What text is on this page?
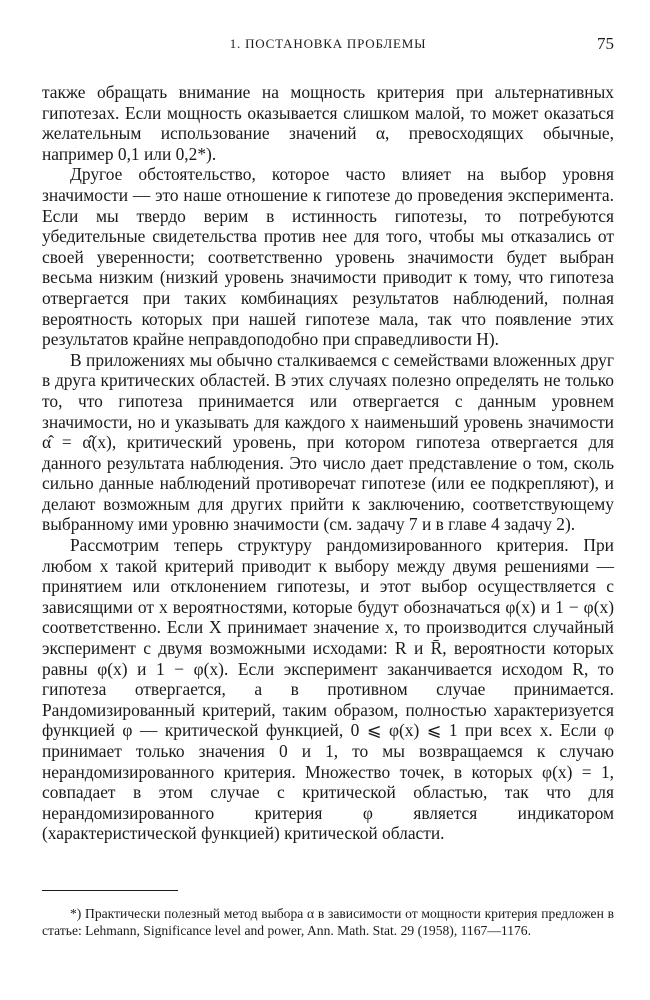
1. ПОСТАНОВКА ПРОБЛЕМЫ	75

также обращать внимание на мощность критерия при альтернативных гипотезах. Если мощность оказывается слишком малой, то может оказаться желательным использование значений α, превосходящих обычные, например 0,1 или 0,2*).

Другое обстоятельство, которое часто влияет на выбор уровня значимости — это наше отношение к гипотезе до проведения эксперимента. Если мы твердо верим в истинность гипотезы, то потребуются убедительные свидетельства против нее для того, чтобы мы отказались от своей уверенности; соответственно уровень значимости будет выбран весьма низким (низкий уровень значимости приводит к тому, что гипотеза отвергается при таких комбинациях результатов наблюдений, полная вероятность которых при нашей гипотезе мала, так что появление этих результатов крайне неправдоподобно при справедливости H).

В приложениях мы обычно сталкиваемся с семействами вложенных друг в друга критических областей. В этих случаях полезно определять не только то, что гипотеза принимается или отвергается с данным уровнем значимости, но и указывать для каждого x наименьший уровень значимости α̂ = α̂(x), критический уровень, при котором гипотеза отвергается для данного результата наблюдения. Это число дает представление о том, сколь сильно данные наблюдений противоречат гипотезе (или ее подкрепляют), и делают возможным для других прийти к заключению, соответствующему выбранному ими уровню значимости (см. задачу 7 и в главе 4 задачу 2).

Рассмотрим теперь структуру рандомизированного критерия. При любом x такой критерий приводит к выбору между двумя решениями — принятием или отклонением гипотезы, и этот выбор осуществляется с зависящими от x вероятностями, которые будут обозначаться φ(x) и 1 − φ(x) соответственно. Если X принимает значение x, то производится случайный эксперимент с двумя возможными исходами: R и R̄, вероятности которых равны φ(x) и 1 − φ(x). Если эксперимент заканчивается исходом R, то гипотеза отвергается, а в противном случае принимается. Рандомизированный критерий, таким образом, полностью характеризуется функцией φ — критической функцией, 0 ⩽ φ(x) ⩽ 1 при всех x. Если φ принимает только значения 0 и 1, то мы возвращаемся к случаю нерандомизированного критерия. Множество точек, в которых φ(x) = 1, совпадает в этом случае с критической областью, так что для нерандомизированного критерия φ является индикатором (характеристической функцией) критической области.

*) Практически полезный метод выбора α в зависимости от мощности критерия предложен в статье: Lehmann, Significance level and power, Ann. Math. Stat. 29 (1958), 1167—1176.
